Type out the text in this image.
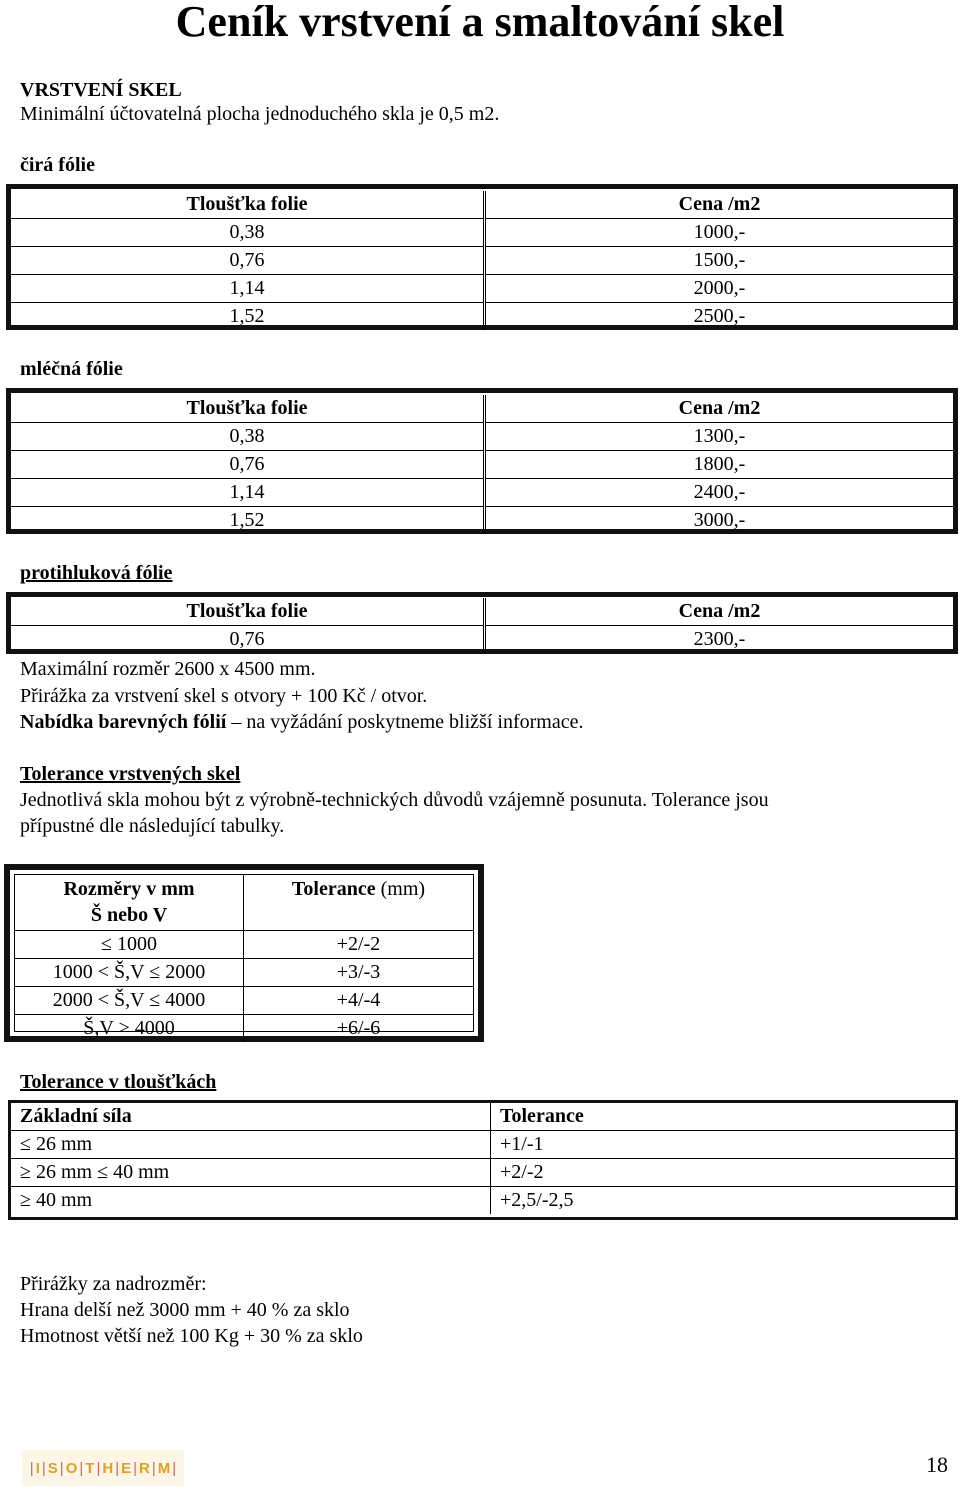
Ceník vrstvení a smaltování skel
VRSTVENÍ SKEL
Minimální účtovatelná plocha jednoduchého skla je 0,5 m2.
čirá fólie
Tloušťka folie	Cena /m2
0,38	1000,-
0,76	1500,-
1,14	2000,-
1,52	2500,-
mléčná fólie
Tloušťka folie	Cena /m2
0,38	1300,-
0,76	1800,-
1,14	2400,-
1,52	3000,-
protihluková fólie
Tloušťka folie	Cena /m2
0,76	2300,-
Maximální rozměr 2600 x 4500 mm.
Přirážka za vrstvení skel s otvory + 100 Kč / otvor.
Nabídka barevných fólií – na vyžádání poskytneme bližší informace.
Tolerance vrstvených skel
Jednotlivá skla mohou být z výrobně-technických důvodů vzájemně posunuta. Tolerance jsou
přípustné dle následující tabulky.
Rozměry v mm
Š nebo V	Tolerance (mm)
≤ 1000	+2/-2
1000 < Š,V ≤ 2000	+3/-3
2000 < Š,V ≤ 4000	+4/-4
Š,V > 4000	+6/-6
Tolerance v tloušťkách
Základní síla	Tolerance
≤ 26 mm	+1/-1
≥ 26 mm ≤ 40 mm	+2/-2
≥ 40 mm	+2,5/-2,5
Přirážky za nadrozměr:
Hrana delší než 3000 mm + 40 % za sklo
Hmotnost větší než 100 Kg + 30 % za sklo
| I | S | O | T | H | E | R | M |	18
